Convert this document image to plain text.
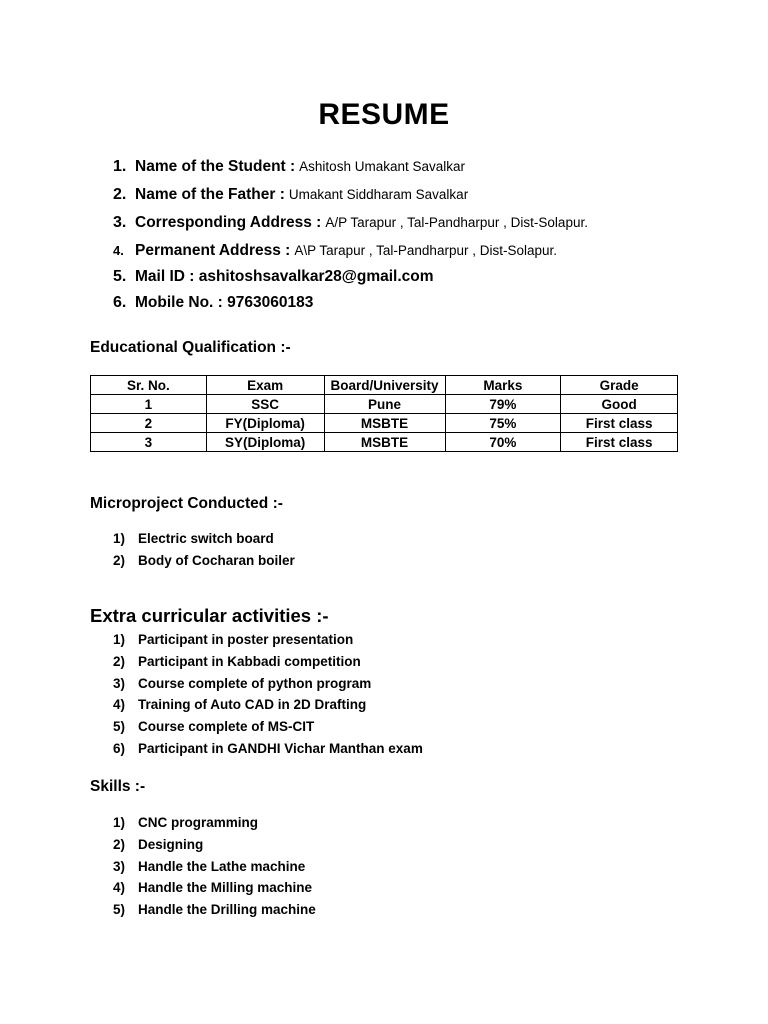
RESUME
1. Name of the Student : Ashitosh Umakant Savalkar
2. Name of the Father : Umakant Siddharam Savalkar
3. Corresponding Address : A/P Tarapur , Tal-Pandharpur , Dist-Solapur.
4. Permanent Address : A\P Tarapur , Tal-Pandharpur , Dist-Solapur.
5. Mail ID : ashitoshsavalkar28@gmail.com
6. Mobile No. : 9763060183
Educational Qualification :-
Sr. No.	Exam	Board/University	Marks	Grade
1	SSC	Pune	79%	Good
2	FY(Diploma)	MSBTE	75%	First class
3	SY(Diploma)	MSBTE	70%	First class
Microproject Conducted :-
1) Electric switch board
2) Body of Cocharan boiler
Extra curricular activities :-
1) Participant in poster presentation
2) Participant in Kabbadi competition
3) Course complete of python program
4) Training of Auto CAD in 2D Drafting
5) Course complete of MS-CIT
6) Participant in GANDHI Vichar Manthan exam
Skills :-
1) CNC programming
2) Designing
3) Handle the Lathe machine
4) Handle the Milling machine
5) Handle the Drilling machine
